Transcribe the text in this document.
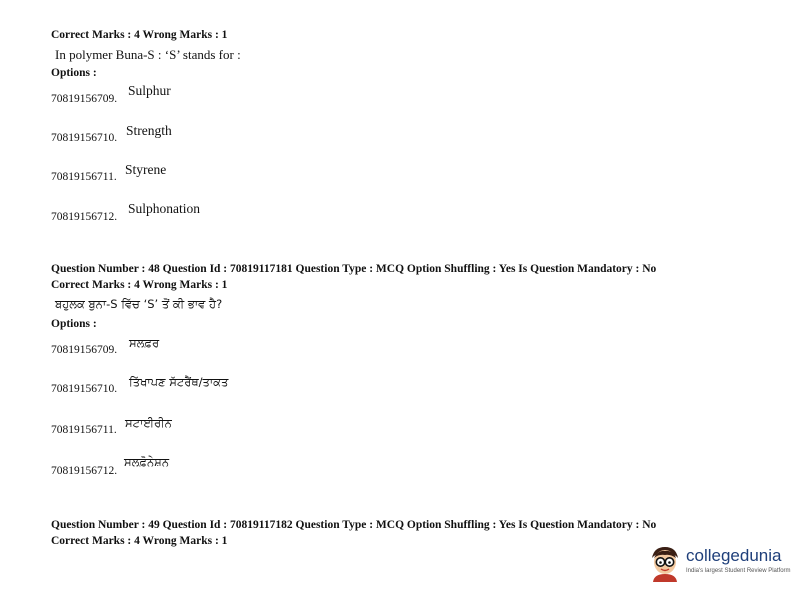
Correct Marks : 4 Wrong Marks : 1
In polymer Buna-S : ‘S’ stands for :
Options :
70819156709.
Sulphur
70819156710. Strength
70819156711. Styrene
70819156712.
Sulphonation
Question Number : 48 Question Id : 70819117181 Question Type : MCQ Option Shuffling : Yes Is Question Mandatory : No
Correct Marks : 4 Wrong Marks : 1
ਬਹੁਲਕ ਬੁਨਾ-S ਵਿੱਚ ‘S’ ਤੋਂ ਕੀ ਭਾਵ ਹੈ?
Options :
70819156709. ਸਲਫ਼ਰ
70819156710. ਤਿੱਖਾਪਣ ਸੱਟਰੈਂਥ/ਤਾਕਤ
70819156711. ਸਟਾਈਰੀਨ
70819156712.
ਸਲਫ਼ੋਨੇਸ਼ਨ
Question Number : 49 Question Id : 70819117182 Question Type : MCQ Option Shuffling : Yes Is Question Mandatory : No
Correct Marks : 4 Wrong Marks : 1
collegedunia
India's largest Student Review Platform
